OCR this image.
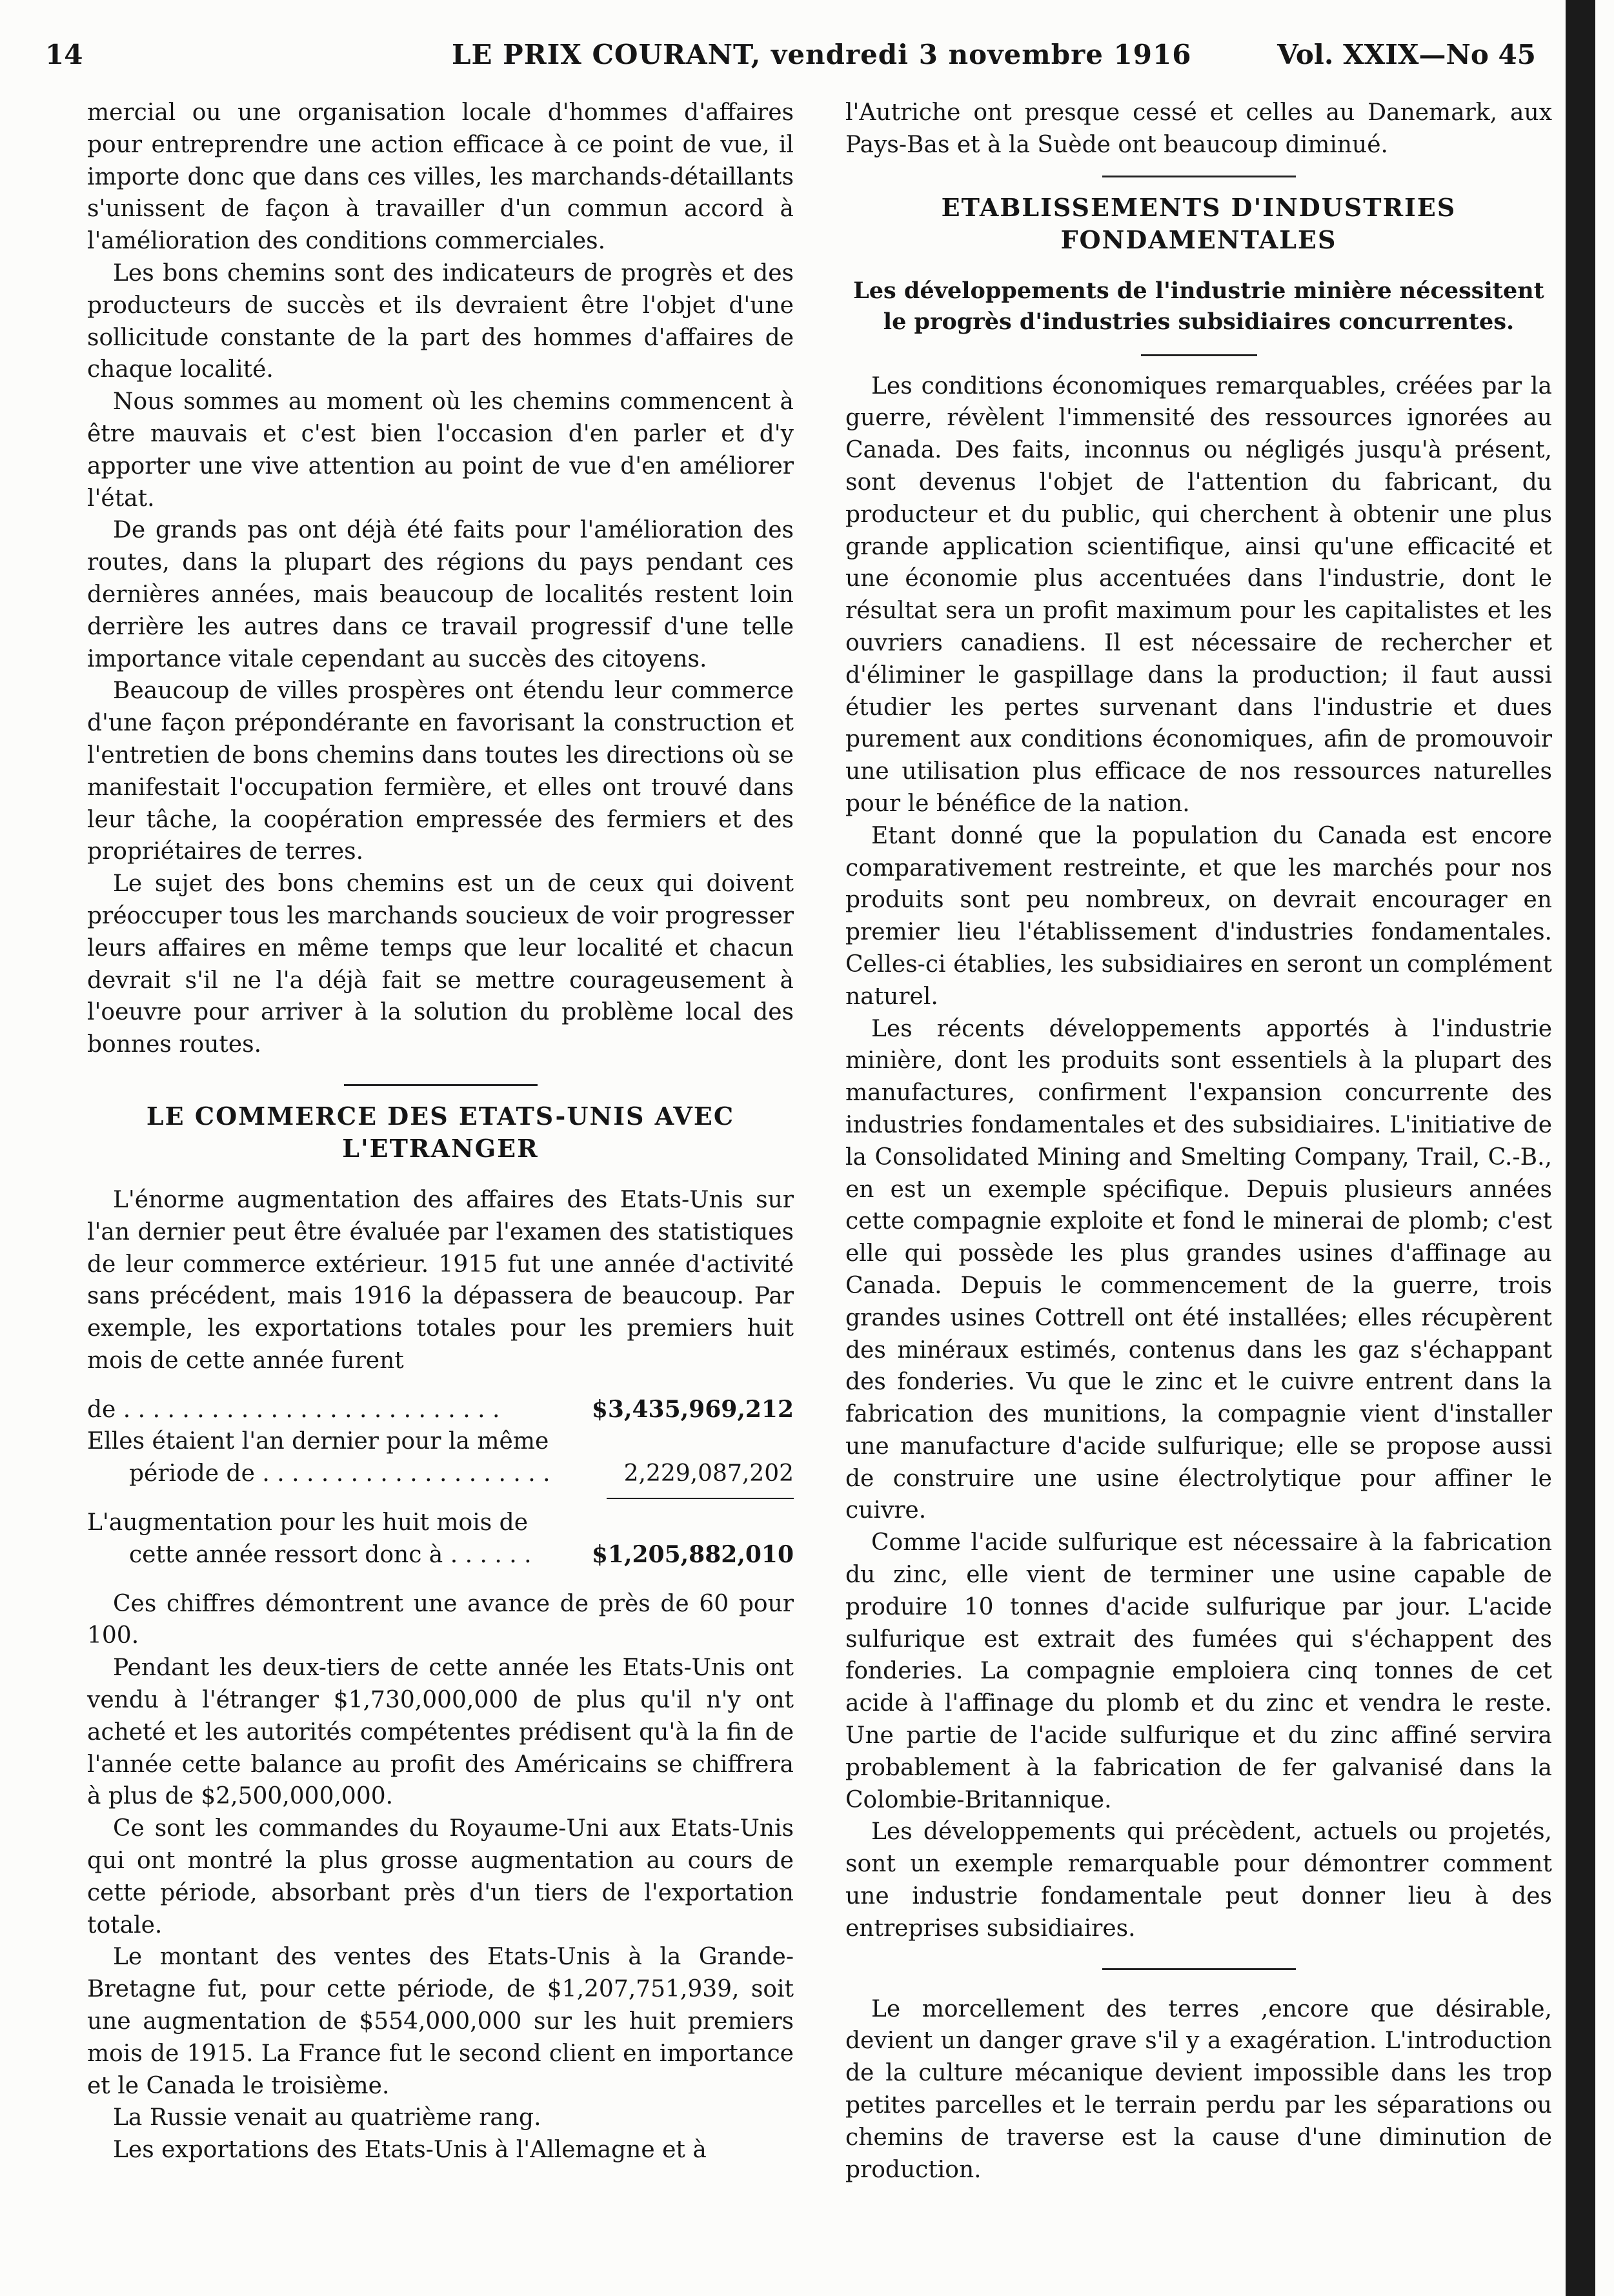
14	LE PRIX COURANT, vendredi 3 novembre 1916	Vol. XXIX—No 45

mercial ou une organisation locale d'hommes d'affaires pour entreprendre une action efficace à ce point de vue, il importe donc que dans ces villes, les marchands-détaillants s'unissent de façon à travailler d'un commun accord à l'amélioration des conditions commerciales.

Les bons chemins sont des indicateurs de progrès et des producteurs de succès et ils devraient être l'objet d'une sollicitude constante de la part des hommes d'affaires de chaque localité.

Nous sommes au moment où les chemins commencent à être mauvais et c'est bien l'occasion d'en parler et d'y apporter une vive attention au point de vue d'en améliorer l'état.

De grands pas ont déjà été faits pour l'amélioration des routes, dans la plupart des régions du pays pendant ces dernières années, mais beaucoup de localités restent loin derrière les autres dans ce travail progressif d'une telle importance vitale cependant au succès des citoyens.

Beaucoup de villes prospères ont étendu leur commerce d'une façon prépondérante en favorisant la construction et l'entretien de bons chemins dans toutes les directions où se manifestait l'occupation fermière, et elles ont trouvé dans leur tâche, la coopération empressée des fermiers et des propriétaires de terres.

Le sujet des bons chemins est un de ceux qui doivent préoccuper tous les marchands soucieux de voir progresser leurs affaires en même temps que leur localité et chacun devrait s'il ne l'a déjà fait se mettre courageusement à l'oeuvre pour arriver à la solution du problème local des bonnes routes.

LE COMMERCE DES ETATS-UNIS AVEC L'ETRANGER

L'énorme augmentation des affaires des Etats-Unis sur l'an dernier peut être évaluée par l'examen des statistiques de leur commerce extérieur. 1915 fut une année d'activité sans précédent, mais 1916 la dépassera de beaucoup. Par exemple, les exportations totales pour les premiers huit mois de cette année furent

de . . . . . . . . . . . . . . . . . . . . . . . . . .	$3,435,969,212
Elles étaient l'an dernier pour la même
période de . . . . . . . . . . . . . . . . . . . .	2,229,087,202
L'augmentation pour les huit mois de
cette année ressort donc à . . . . . .	$1,205,882,010

Ces chiffres démontrent une avance de près de 60 pour 100.

Pendant les deux-tiers de cette année les Etats-Unis ont vendu à l'étranger $1,730,000,000 de plus qu'il n'y ont acheté et les autorités compétentes prédisent qu'à la fin de l'année cette balance au profit des Américains se chiffrera à plus de $2,500,000,000.

Ce sont les commandes du Royaume-Uni aux Etats-Unis qui ont montré la plus grosse augmentation au cours de cette période, absorbant près d'un tiers de l'exportation totale.

Le montant des ventes des Etats-Unis à la Grande-Bretagne fut, pour cette période, de $1,207,751,939, soit une augmentation de $554,000,000 sur les huit premiers mois de 1915. La France fut le second client en importance et le Canada le troisième.

La Russie venait au quatrième rang.

Les exportations des Etats-Unis à l'Allemagne et à

l'Autriche ont presque cessé et celles au Danemark, aux Pays-Bas et à la Suède ont beaucoup diminué.

ETABLISSEMENTS D'INDUSTRIES FONDAMENTALES
Les développements de l'industrie minière nécessitent le progrès d'industries subsidiaires concurrentes.

Les conditions économiques remarquables, créées par la guerre, révèlent l'immensité des ressources ignorées au Canada. Des faits, inconnus ou négligés jusqu'à présent, sont devenus l'objet de l'attention du fabricant, du producteur et du public, qui cherchent à obtenir une plus grande application scientifique, ainsi qu'une efficacité et une économie plus accentuées dans l'industrie, dont le résultat sera un profit maximum pour les capitalistes et les ouvriers canadiens. Il est nécessaire de rechercher et d'éliminer le gaspillage dans la production; il faut aussi étudier les pertes survenant dans l'industrie et dues purement aux conditions économiques, afin de promouvoir une utilisation plus efficace de nos ressources naturelles pour le bénéfice de la nation.

Etant donné que la population du Canada est encore comparativement restreinte, et que les marchés pour nos produits sont peu nombreux, on devrait encourager en premier lieu l'établissement d'industries fondamentales. Celles-ci établies, les subsidiaires en seront un complément naturel.

Les récents développements apportés à l'industrie minière, dont les produits sont essentiels à la plupart des manufactures, confirment l'expansion concurrente des industries fondamentales et des subsidiaires. L'initiative de la Consolidated Mining and Smelting Company, Trail, C.-B., en est un exemple spécifique. Depuis plusieurs années cette compagnie exploite et fond le minerai de plomb; c'est elle qui possède les plus grandes usines d'affinage au Canada. Depuis le commencement de la guerre, trois grandes usines Cottrell ont été installées; elles récupèrent des minéraux estimés, contenus dans les gaz s'échappant des fonderies. Vu que le zinc et le cuivre entrent dans la fabrication des munitions, la compagnie vient d'installer une manufacture d'acide sulfurique; elle se propose aussi de construire une usine électrolytique pour affiner le cuivre.

Comme l'acide sulfurique est nécessaire à la fabrication du zinc, elle vient de terminer une usine capable de produire 10 tonnes d'acide sulfurique par jour. L'acide sulfurique est extrait des fumées qui s'échappent des fonderies. La compagnie emploiera cinq tonnes de cet acide à l'affinage du plomb et du zinc et vendra le reste. Une partie de l'acide sulfurique et du zinc affiné servira probablement à la fabrication de fer galvanisé dans la Colombie-Britannique.

Les développements qui précèdent, actuels ou projetés, sont un exemple remarquable pour démontrer comment une industrie fondamentale peut donner lieu à des entreprises subsidiaires.

Le morcellement des terres ,encore que désirable, devient un danger grave s'il y a exagération. L'introduction de la culture mécanique devient impossible dans les trop petites parcelles et le terrain perdu par les séparations ou chemins de traverse est la cause d'une diminution de production.
